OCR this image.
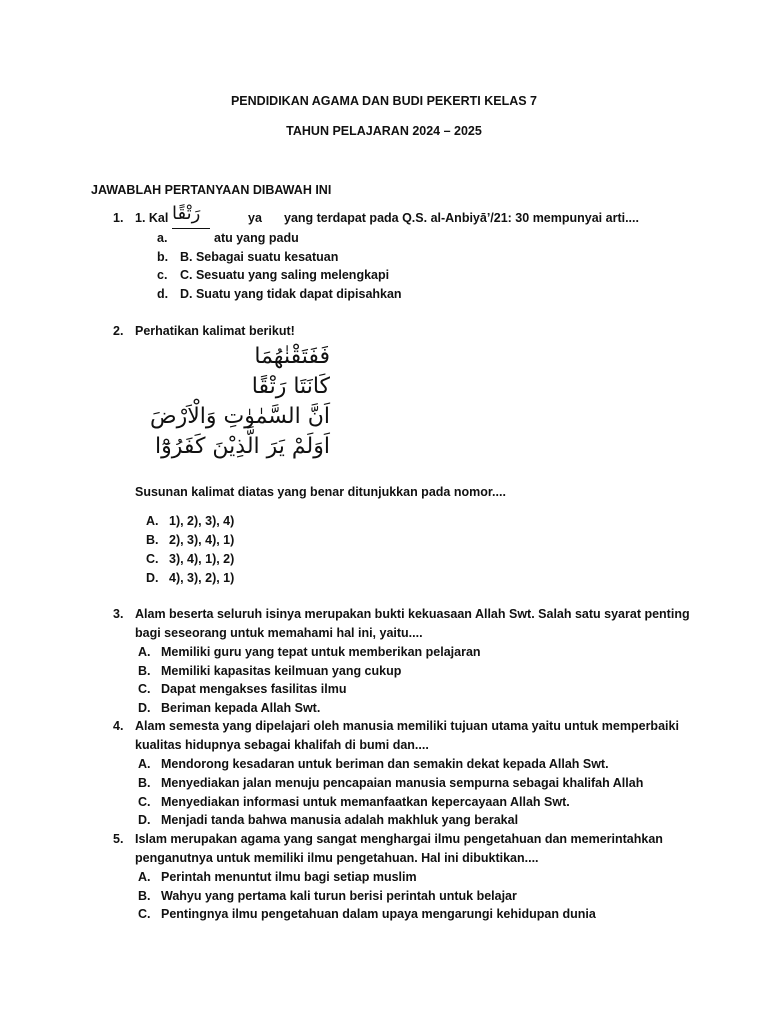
PENDIDIKAN AGAMA DAN BUDI PEKERTI KELAS 7
TAHUN PELAJARAN 2024 – 2025
JAWABLAH PERTANYAAN DIBAWAH INI
1. 1. Kal رَتْقًا	ya yang terdapat pada Q.S. al-Anbiyā’/21: 30 mempunyai arti....
a.	atu yang padu
b. B. Sebagai suatu kesatuan
c. C. Sesuatu yang saling melengkapi
d. D. Suatu yang tidak dapat dipisahkan
2. Perhatikan kalimat berikut!
فَفَتَقْنٰهُمَا
كَانَتَا رَتْقًا
اَنَّ السَّمٰوٰتِ وَالْاَرْضَ
اَوَلَمْ يَرَ الَّذِيْنَ كَفَرُوْٓا
Susunan kalimat diatas yang benar ditunjukkan pada nomor....
A. 1), 2), 3), 4)
B. 2), 3), 4), 1)
C. 3), 4), 1), 2)
D. 4), 3), 2), 1)
3. Alam beserta seluruh isinya merupakan bukti kekuasaan Allah Swt. Salah satu syarat penting
bagi seseorang untuk memahami hal ini, yaitu....
A. Memiliki guru yang tepat untuk memberikan pelajaran
B. Memiliki kapasitas keilmuan yang cukup
C. Dapat mengakses fasilitas ilmu
D. Beriman kepada Allah Swt.
4. Alam semesta yang dipelajari oleh manusia memiliki tujuan utama yaitu untuk memperbaiki
kualitas hidupnya sebagai khalifah di bumi dan....
A. Mendorong kesadaran untuk beriman dan semakin dekat kepada Allah Swt.
B. Menyediakan jalan menuju pencapaian manusia sempurna sebagai khalifah Allah
C. Menyediakan informasi untuk memanfaatkan kepercayaan Allah Swt.
D. Menjadi tanda bahwa manusia adalah makhluk yang berakal
5. Islam merupakan agama yang sangat menghargai ilmu pengetahuan dan memerintahkan
penganutnya untuk memiliki ilmu pengetahuan. Hal ini dibuktikan....
A. Perintah menuntut ilmu bagi setiap muslim
B. Wahyu yang pertama kali turun berisi perintah untuk belajar
C. Pentingnya ilmu pengetahuan dalam upaya mengarungi kehidupan dunia
